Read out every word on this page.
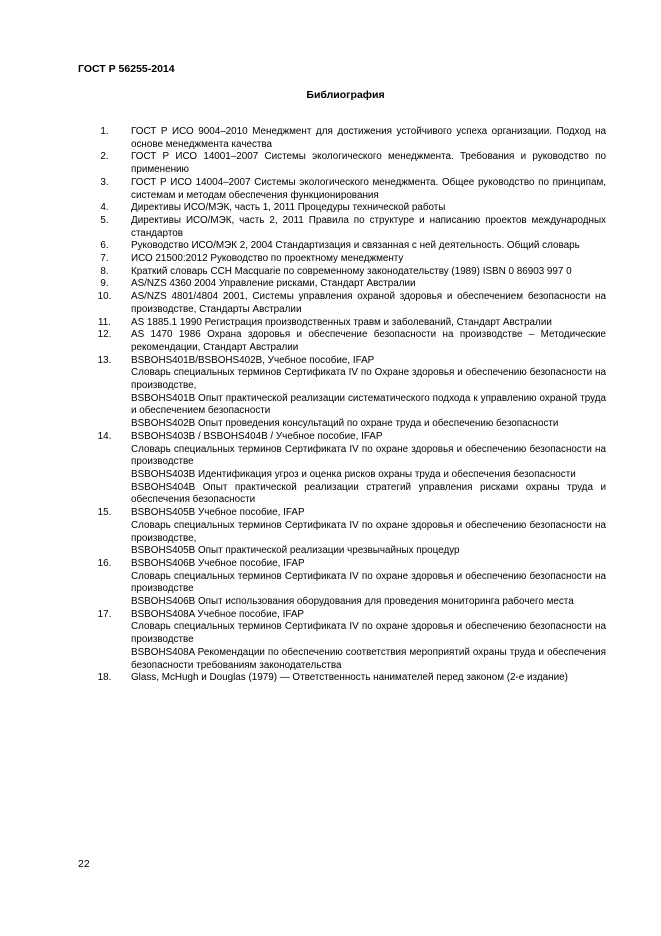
ГОСТ Р 56255-2014
Библиография
1.	ГОСТ Р ИСО 9004–2010 Менеджмент для достижения устойчивого успеха организации. Подход на основе менеджмента качества

2.	ГОСТ Р ИСО 14001–2007 Системы экологического менеджмента. Требования и руководство по применению

3.	ГОСТ Р ИСО 14004–2007 Системы экологического менеджмента. Общее руководство по принципам, системам и методам обеспечения функционирования

4.	Директивы ИСО/МЭК, часть 1, 2011 Процедуры технической работы

5.	Директивы ИСО/МЭК, часть 2, 2011 Правила по структуре и написанию проектов международных стандартов

6.	Руководство ИСО/МЭК 2, 2004 Стандартизация и связанная с ней деятельность. Общий словарь

7.	ИСО 21500:2012 Руководство по проектному менеджменту

8.	Краткий словарь CCH Macquarie по современному законодательству (1989) ISBN 0 86903 997 0

9.	AS/NZS 4360 2004 Управление рисками, Стандарт Австралии

10.	AS/NZS 4801/4804 2001, Системы управления охраной здоровья и обеспечением безопасности на производстве, Стандарты Австралии

11.	AS 1885.1 1990 Регистрация производственных травм и заболеваний, Стандарт Австралии

12.	AS 1470 1986 Охрана здоровья и обеспечение безопасности на производстве – Методические рекомендации, Стандарт Австралии

13.	BSBOHS401B/BSBOHS402B, Учебное пособие, IFAP

Словарь специальных терминов Сертификата IV по Охране здоровья и обеспечению безопасности на производстве,

BSBOHS401B Опыт практической реализации систематического подхода к управлению охраной труда и обеспечением безопасности

BSBOHS402B Опыт проведения консультаций по охране труда и обеспечению безопасности

14.	BSBOHS403B / BSBOHS404B / Учебное пособие, IFAP

Словарь специальных терминов Сертификата IV по охране здоровья и обеспечению безопасности на производстве

BSBOHS403B Идентификация угроз и оценка рисков охраны труда и обеспечения безопасности

BSBOHS404B Опыт практической реализации стратегий управления рисками охраны труда и обеспечения безопасности

15.	BSBOHS405B Учебное пособие, IFAP

Словарь специальных терминов Сертификата IV по охране здоровья и обеспечению безопасности на производстве,

BSBOHS405B Опыт практической реализации чрезвычайных процедур

16.	BSBOHS406B Учебное пособие, IFAP

Словарь специальных терминов Сертификата IV по охране здоровья и обеспечению безопасности на производстве

BSBOHS406B Опыт использования оборудования для проведения мониторинга рабочего места

17.	BSBOHS408A Учебное пособие, IFAP

Словарь специальных терминов Сертификата IV по охране здоровья и обеспечению безопасности на производстве

BSBOHS408A Рекомендации по обеспечению соответствия мероприятий охраны труда и обеспечения безопасности требованиям законодательства

18.	Glass, McHugh и Douglas (1979) — Ответственность нанимателей перед законом (2-е издание)

22
